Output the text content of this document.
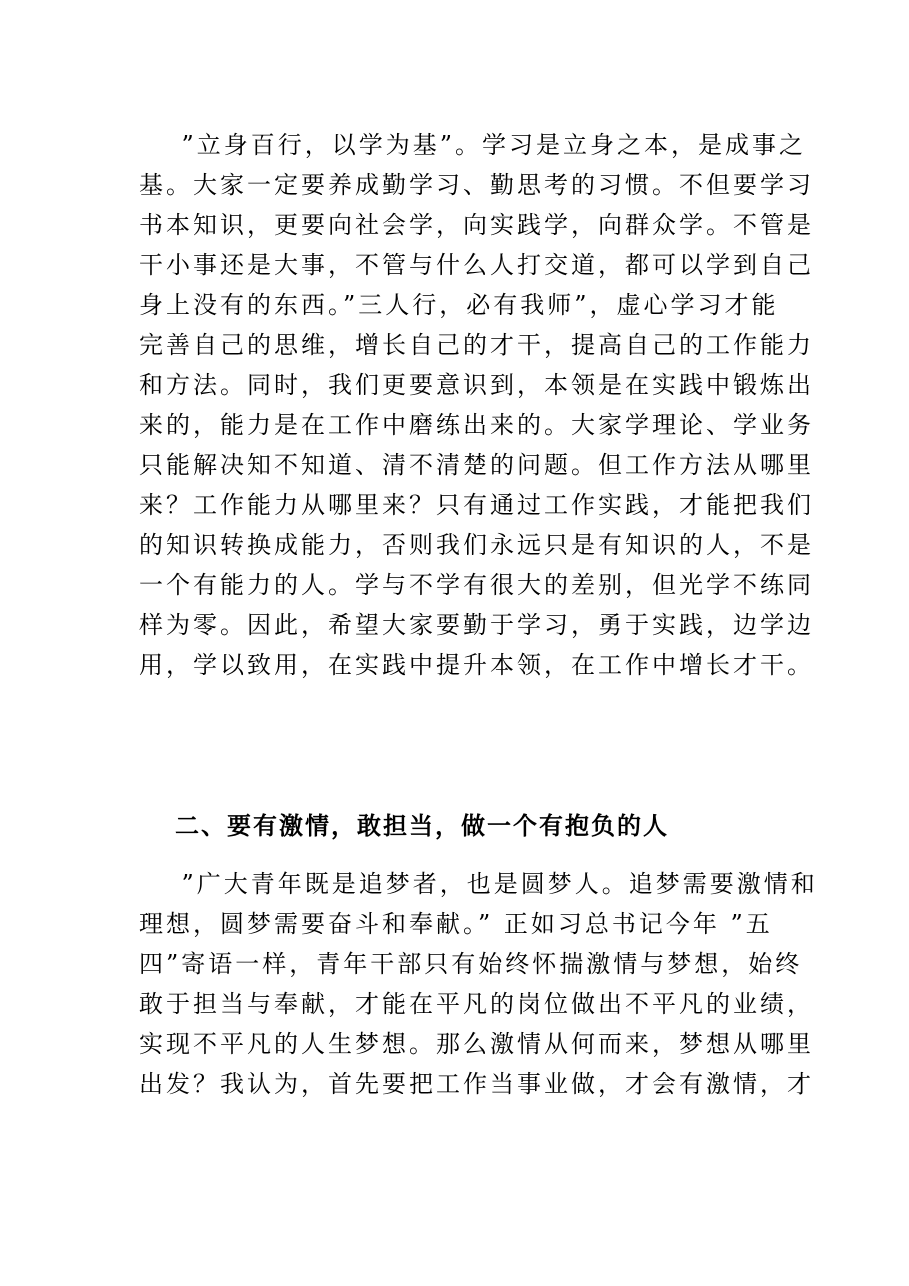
”立身百行，以学为基”。学习是立身之本，是成事之
基。大家一定要养成勤学习、勤思考的习惯。不但要学习
书本知识，更要向社会学，向实践学，向群众学。不管是
干小事还是大事，不管与什么人打交道，都可以学到自己
身上没有的东西。”三人行，必有我师”，虚心学习才能
完善自己的思维，增长自己的才干，提高自己的工作能力
和方法。同时，我们更要意识到，本领是在实践中锻炼出
来的，能力是在工作中磨练出来的。大家学理论、学业务
只能解决知不知道、清不清楚的问题。但工作方法从哪里
来？工作能力从哪里来？只有通过工作实践，才能把我们
的知识转换成能力，否则我们永远只是有知识的人，不是
一个有能力的人。学与不学有很大的差别，但光学不练同
样为零。因此，希望大家要勤于学习，勇于实践，边学边
用，学以致用，在实践中提升本领，在工作中增长才干。
二、要有激情，敢担当，做一个有抱负的人
”广大青年既是追梦者，也是圆梦人。追梦需要激情和
理想，圆梦需要奋斗和奉献。” 正如习总书记今年 ”五
四”寄语一样，青年干部只有始终怀揣激情与梦想，始终
敢于担当与奉献，才能在平凡的岗位做出不平凡的业绩，
实现不平凡的人生梦想。那么激情从何而来，梦想从哪里
出发？我认为，首先要把工作当事业做，才会有激情，才
